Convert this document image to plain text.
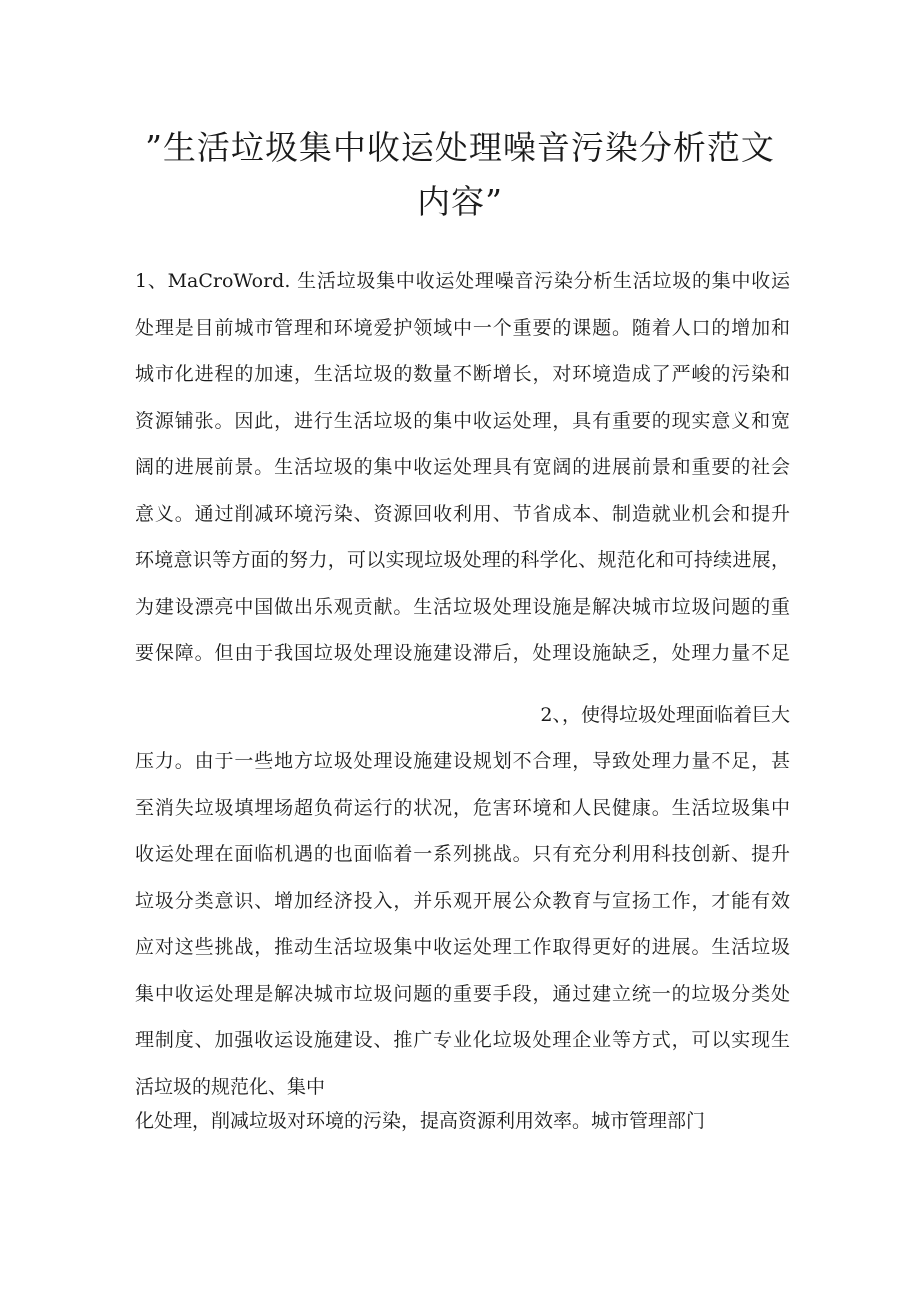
”生活垃圾集中收运处理噪音污染分析范文
内容”
1、MaCroWord. 生活垃圾集中收运处理噪音污染分析生活垃圾的集中收运
处理是目前城市管理和环境爱护领域中一个重要的课题。随着人口的增加和
城市化进程的加速，生活垃圾的数量不断增长，对环境造成了严峻的污染和
资源铺张。因此，进行生活垃圾的集中收运处理，具有重要的现实意义和宽
阔的进展前景。生活垃圾的集中收运处理具有宽阔的进展前景和重要的社会
意义。通过削减环境污染、资源回收利用、节省成本、制造就业机会和提升
环境意识等方面的努力，可以实现垃圾处理的科学化、规范化和可持续进展，
为建设漂亮中国做出乐观贡献。生活垃圾处理设施是解决城市垃圾问题的重
要保障。但由于我国垃圾处理设施建设滞后，处理设施缺乏，处理力量不足
2、，使得垃圾处理面临着巨大
压力。由于一些地方垃圾处理设施建设规划不合理，导致处理力量不足，甚
至消失垃圾填埋场超负荷运行的状况，危害环境和人民健康。生活垃圾集中
收运处理在面临机遇的也面临着一系列挑战。只有充分利用科技创新、提升
垃圾分类意识、增加经济投入，并乐观开展公众教育与宣扬工作，才能有效
应对这些挑战，推动生活垃圾集中收运处理工作取得更好的进展。生活垃圾
集中收运处理是解决城市垃圾问题的重要手段，通过建立统一的垃圾分类处
理制度、加强收运设施建设、推广专业化垃圾处理企业等方式，可以实现生
活垃圾的规范化、集中
化处理，削减垃圾对环境的污染，提高资源利用效率。城市管理部门
